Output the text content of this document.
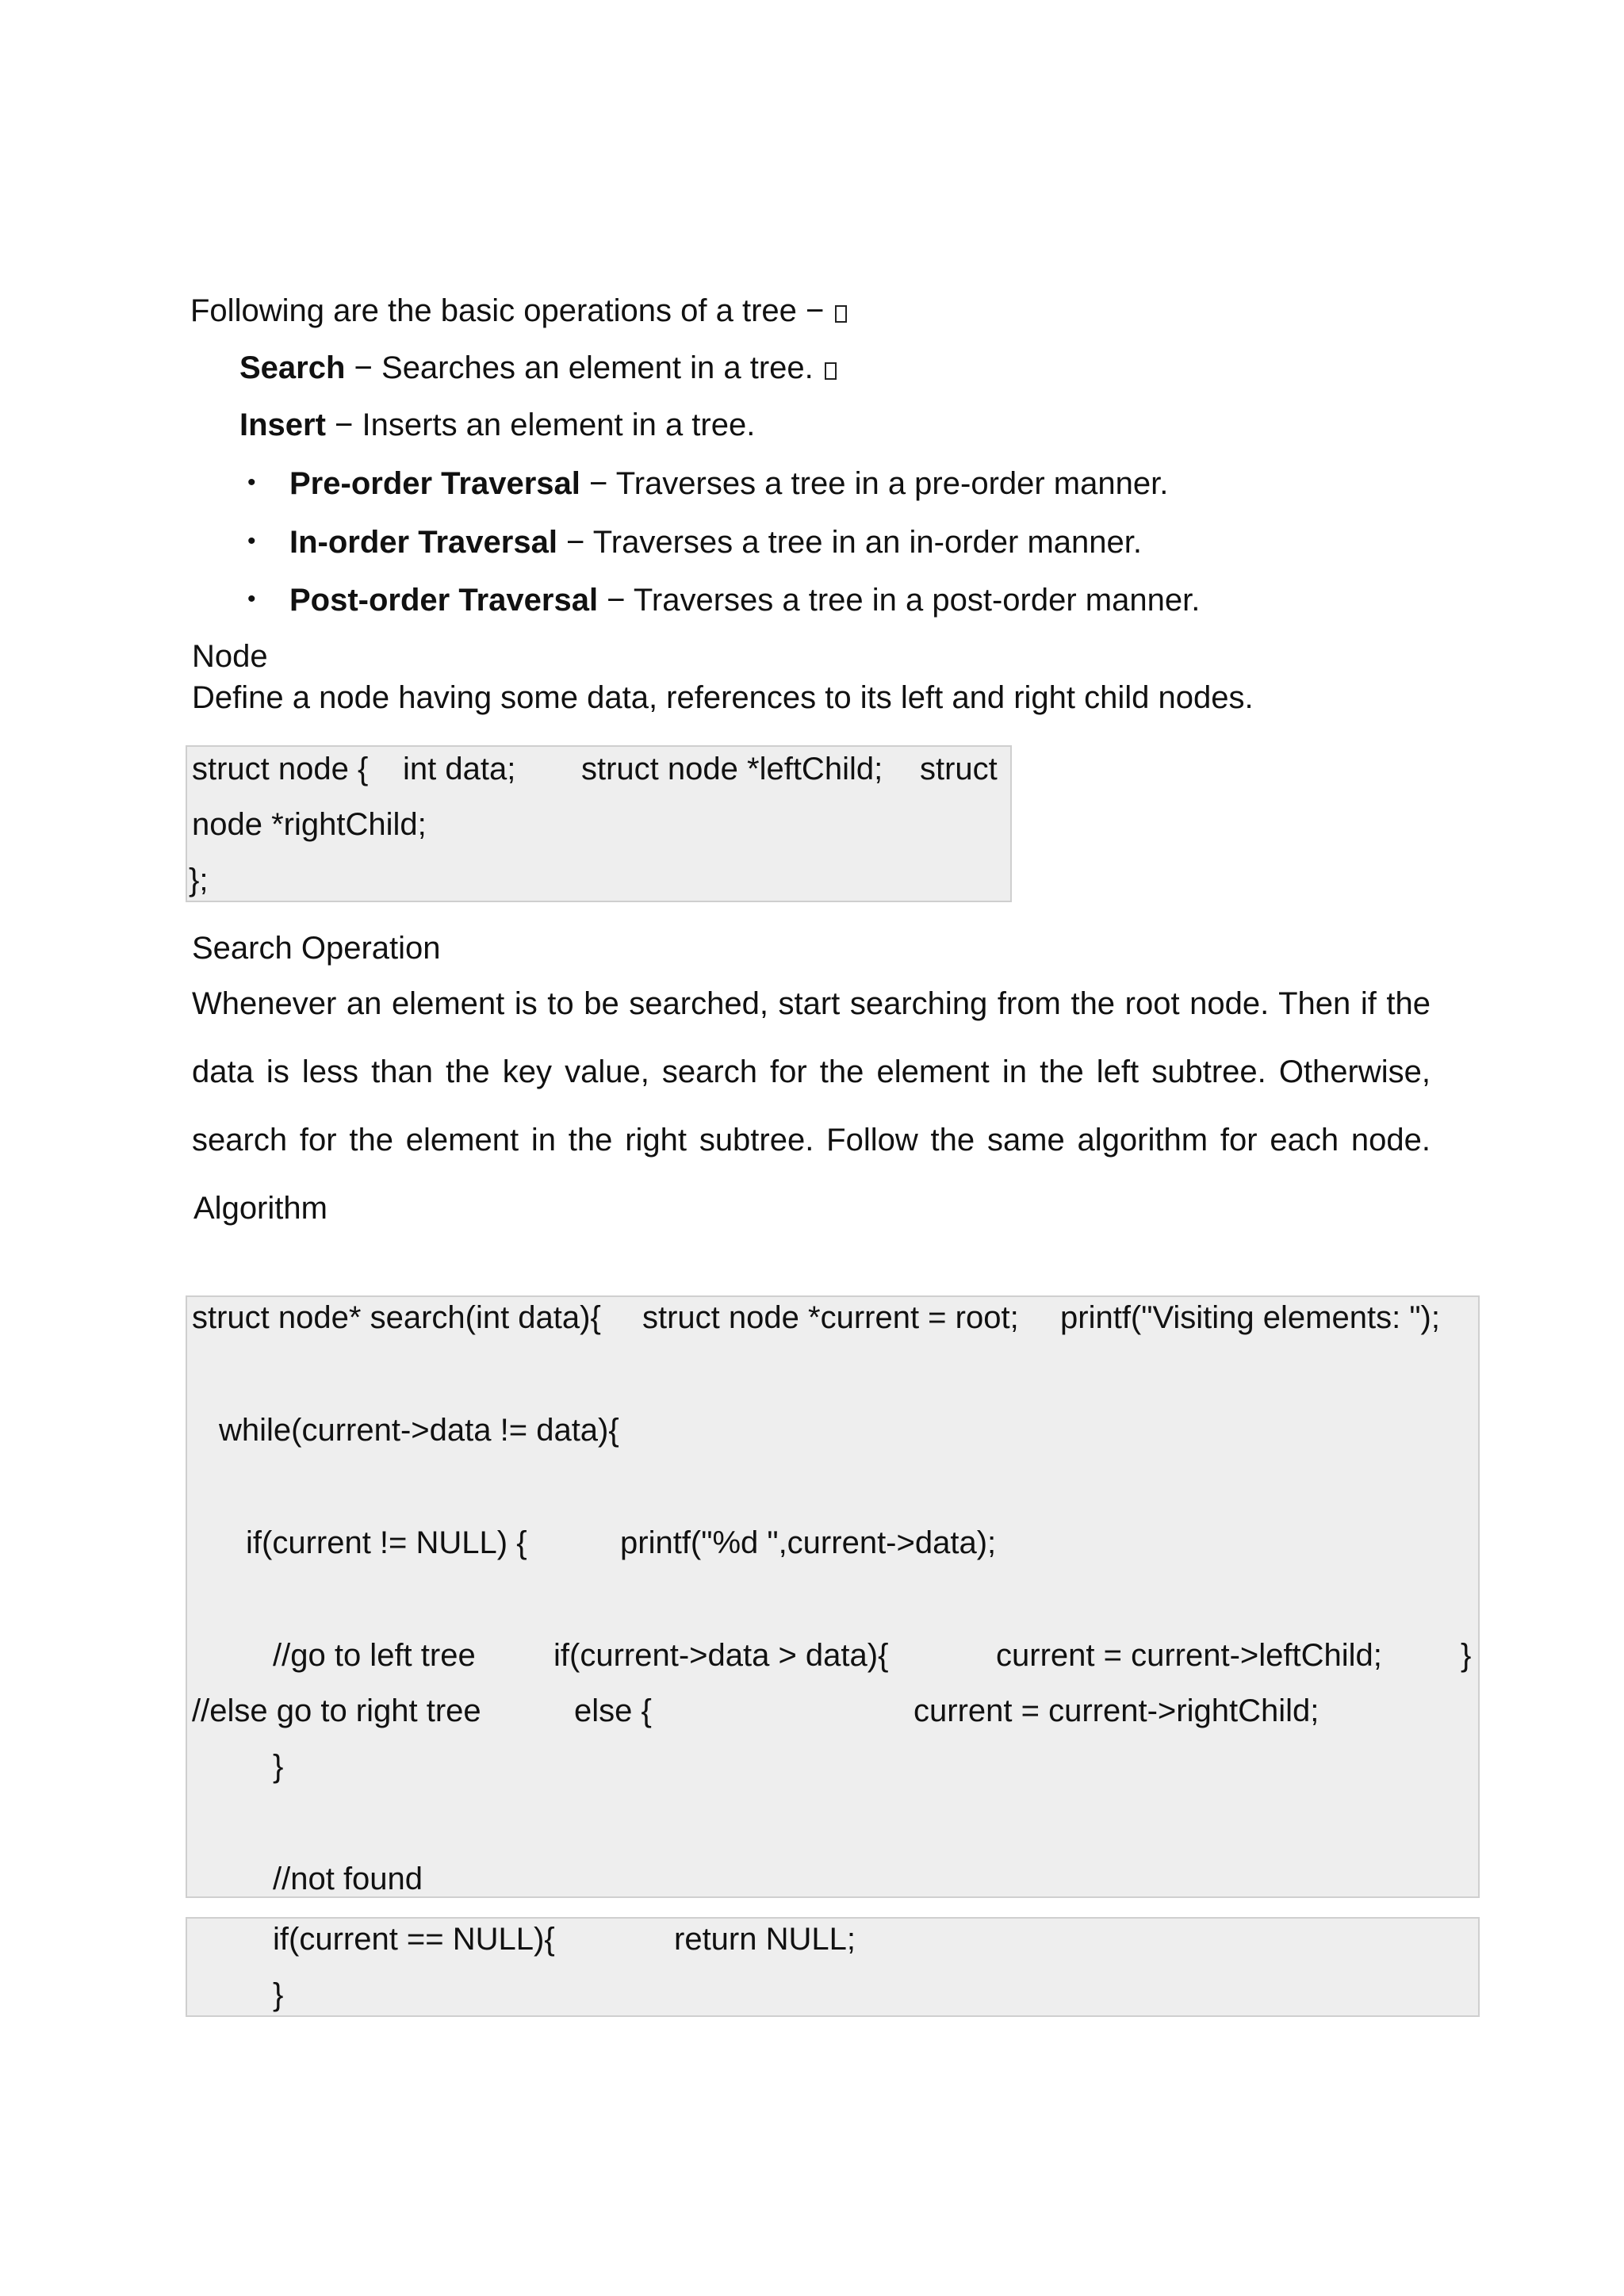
Following are the basic operations of a tree −
Search − Searches an element in a tree.
Insert − Inserts an element in a tree.
• Pre-order Traversal − Traverses a tree in a pre-order manner.
• In-order Traversal − Traverses a tree in an in-order manner.
• Post-order Traversal − Traverses a tree in a post-order manner.
Node
Define a node having some data, references to its left and right child nodes.
struct node { int data; struct node *leftChild; struct
node *rightChild;
};
Search Operation
Whenever an element is to be searched, start searching from the root node. Then if the
data is less than the key value, search for the element in the left subtree. Otherwise,
search for the element in the right subtree. Follow the same algorithm for each node.
Algorithm
struct node* search(int data){ struct node *current = root; printf("Visiting elements: ");
while(current->data != data){
if(current != NULL) {	printf("%d ",current->data);
//go to left tree if(current->data > data){	current = current->leftChild; }
//else go to right tree	else {	current = current->rightChild;
}
//not found
if(current == NULL){	return NULL;
}
